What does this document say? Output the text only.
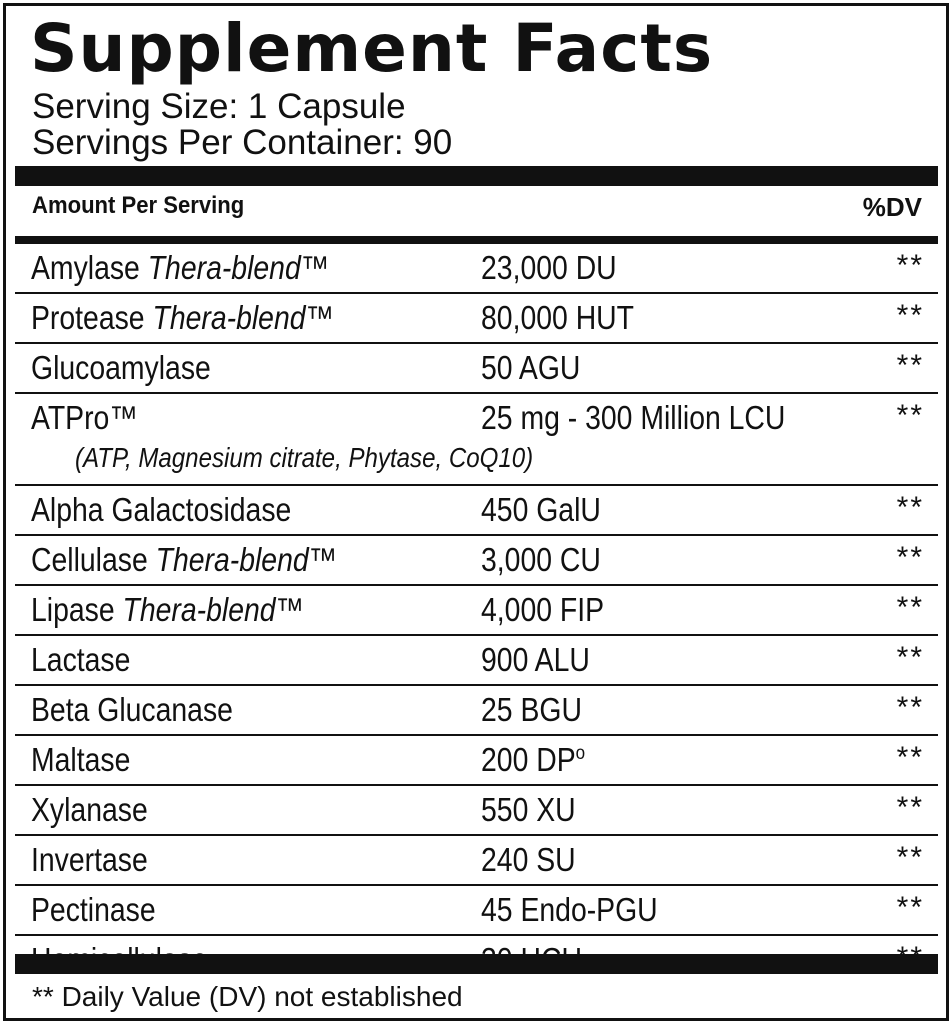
Supplement Facts
Serving Size: 1 Capsule
Servings Per Container: 90
Amount Per Serving	%DV
Amylase Thera-blend™	23,000 DU	**
Protease Thera-blend™	80,000 HUT	**
Glucoamylase	50 AGU	**
ATPro™	25 mg - 300 Million LCU	**
(ATP, Magnesium citrate, Phytase, CoQ10)
Alpha Galactosidase	450 GalU	**
Cellulase Thera-blend™	3,000 CU	**
Lipase Thera-blend™	4,000 FIP	**
Lactase	900 ALU	**
Beta Glucanase	25 BGU	**
Maltase	200 $DP^o$	**
Xylanase	550 XU	**
Invertase	240 SU	**
Pectinase	45 Endo-PGU	**
** Daily Value (DV) not established
